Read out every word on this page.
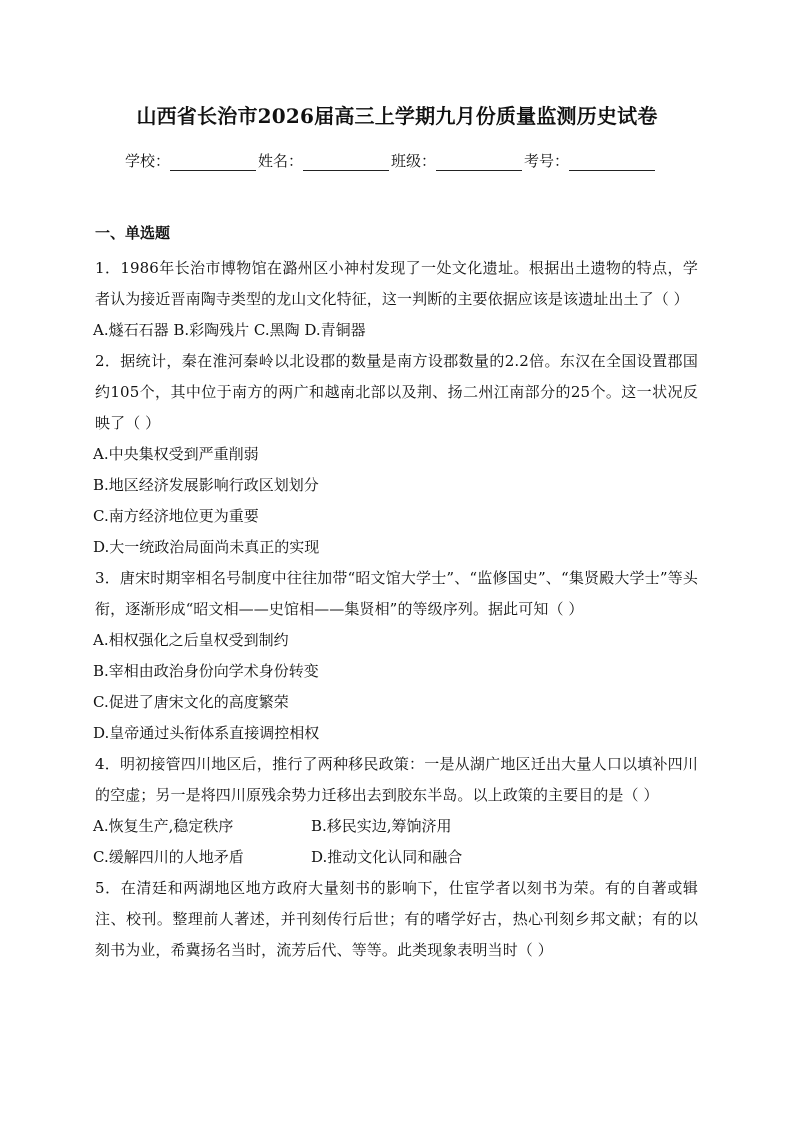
山西省长治市2026届高三上学期九月份质量监测历史试卷
学校：	姓名：	班级：	考号：
一、单选题

1．1986年长治市博物馆在潞州区小神村发现了一处文化遗址。根据出土遗物的特点，学者认为接近晋南陶寺类型的龙山文化特征，这一判断的主要依据应该是该遗址出土了（ ）

A.燧石石器 B.彩陶残片 C.黑陶 D.青铜器

2．据统计，秦在淮河秦岭以北设郡的数量是南方设郡数量的2.2倍。东汉在全国设置郡国约105个，其中位于南方的两广和越南北部以及荆、扬二州江南部分的25个。这一状况反映了（ ）

A.中央集权受到严重削弱

B.地区经济发展影响行政区划划分

C.南方经济地位更为重要

D.大一统政治局面尚未真正的实现

3．唐宋时期宰相名号制度中往往加带“昭文馆大学士”、“监修国史”、“集贤殿大学士”等头衔，逐渐形成“昭文相——史馆相——集贤相”的等级序列。据此可知（ ）

A.相权强化之后皇权受到制约

B.宰相由政治身份向学术身份转变

C.促进了唐宋文化的高度繁荣

D.皇帝通过头衔体系直接调控相权

4．明初接管四川地区后，推行了两种移民政策：一是从湖广地区迁出大量人口以填补四川的空虚；另一是将四川原残余势力迁移出去到胶东半岛。以上政策的主要目的是（ ）

A.恢复生产,稳定秩序	B.移民实边,筹饷济用
C.缓解四川的人地矛盾	D.推动文化认同和融合

5．在清廷和两湖地区地方政府大量刻书的影响下，仕宦学者以刻书为荣。有的自著或辑注、校刊。整理前人著述，并刊刻传行后世；有的嗜学好古，热心刊刻乡邦文献；有的以刻书为业，希冀扬名当时，流芳后代、等等。此类现象表明当时（ ）
